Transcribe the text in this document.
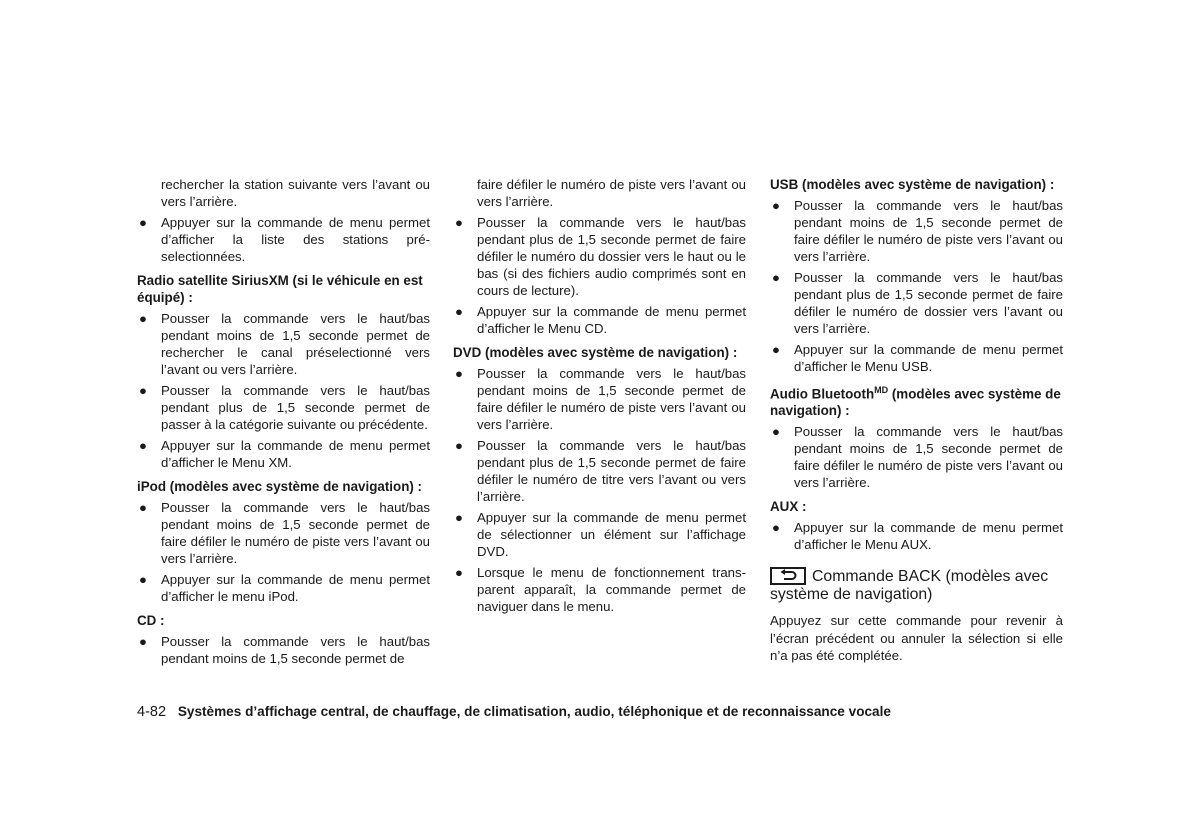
rechercher la station suivante vers l’avant ou vers l’arrière.

● Appuyer sur la commande de menu permet d’afficher la liste des stations préselectionnées.
Radio satellite SiriusXM (si le véhicule en est équipé) :
● Pousser la commande vers le haut/bas pendant moins de 1,5 seconde permet de rechercher le canal préselectionné vers l’avant ou vers l’arrière.
● Pousser la commande vers le haut/bas pendant plus de 1,5 seconde permet de passer à la catégorie suivante ou précédente.
● Appuyer sur la commande de menu permet d’afficher le Menu XM.
iPod (modèles avec système de navigation) :
● Pousser la commande vers le haut/bas pendant moins de 1,5 seconde permet de faire défiler le numéro de piste vers l’avant ou vers l’arrière.
● Appuyer sur la commande de menu permet d’afficher le menu iPod.
CD :
● Pousser la commande vers le haut/bas pendant moins de 1,5 seconde permet de

faire défiler le numéro de piste vers l’avant ou vers l’arrière.

● Pousser la commande vers le haut/bas pendant plus de 1,5 seconde permet de faire défiler le numéro du dossier vers le haut ou le bas (si des fichiers audio comprimés sont en cours de lecture).
● Appuyer sur la commande de menu permet d’afficher le Menu CD.
DVD (modèles avec système de navigation) :
● Pousser la commande vers le haut/bas pendant moins de 1,5 seconde permet de faire défiler le numéro de piste vers l’avant ou vers l’arrière.
● Pousser la commande vers le haut/bas pendant plus de 1,5 seconde permet de faire défiler le numéro de titre vers l’avant ou vers l’arrière.
● Appuyer sur la commande de menu permet de sélectionner un élément sur l’affichage DVD.
● Lorsque le menu de fonctionnement transparent apparaît, la commande permet de naviguer dans le menu.
USB (modèles avec système de navigation) :
● Pousser la commande vers le haut/bas pendant moins de 1,5 seconde permet de faire défiler le numéro de piste vers l’avant ou vers l’arrière.
● Pousser la commande vers le haut/bas pendant plus de 1,5 seconde permet de faire défiler le numéro de dossier vers l’avant ou vers l’arrière.
● Appuyer sur la commande de menu permet d’afficher le Menu USB.
Audio Bluetooth$^{MD}$ (modèles avec système de navigation) :
● Pousser la commande vers le haut/bas pendant moins de 1,5 seconde permet de faire défiler le numéro de piste vers l’avant ou vers l’arrière.
AUX :
● Appuyer sur la commande de menu permet d’afficher le Menu AUX.
Commande BACK (modèles avec système de navigation)

Appuyez sur cette commande pour revenir à l’écran précédent ou annuler la sélection si elle n’a pas été complétée.

4-82 Systèmes d’affichage central, de chauffage, de climatisation, audio, téléphonique et de reconnaissance vocale
